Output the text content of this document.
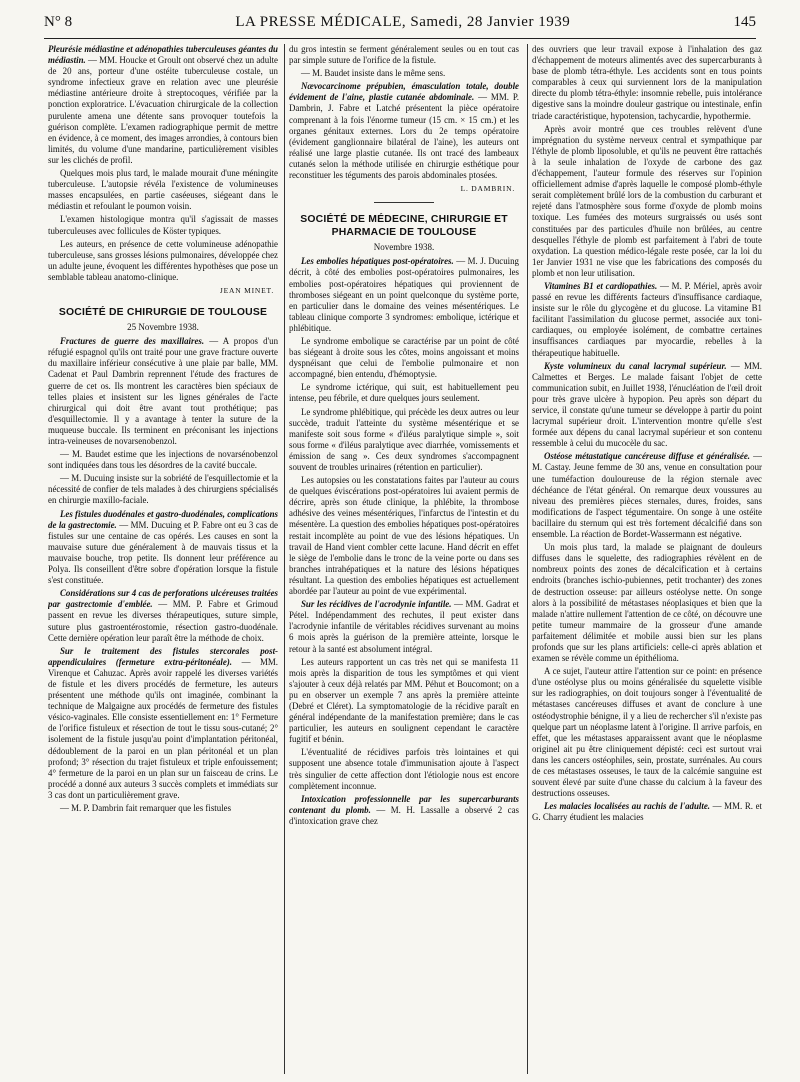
N° 8	LA PRESSE MÉDICALE, Samedi, 28 Janvier 1939	145

Pleurésie médiastine et adénopathies tuberculeuses géantes du médiastin. — MM. Houcke et Groult ont observé chez un adulte de 20 ans, porteur d'une ostéite tuberculeuse costale, un syndrome infectieux grave en relation avec une pleurésie médiastine antérieure droite à streptocoques, vérifiée par la ponction exploratrice. L'évacuation chirurgicale de la collection purulente amena une détente sans provoquer toutefois la guérison complète. L'examen radiographique permit de mettre en évidence, à ce moment, des images arrondies, à contours bien limités, du volume d'une mandarine, particulièrement visibles sur les clichés de profil.

Quelques mois plus tard, le malade mourait d'une méningite tuberculeuse. L'autopsie révéla l'existence de volumineuses masses encapsulées, en partie caséeuses, siégeant dans le médiastin et refoulant le poumon voisin.

L'examen histologique montra qu'il s'agissait de masses tuberculeuses avec follicules de Köster typiques.

Les auteurs, en présence de cette volumineuse adénopathie tuberculeuse, sans grosses lésions pulmonaires, développée chez un adulte jeune, évoquent les différentes hypothèses que pose un semblable tableau anatomo-clinique.

JEAN MINET.
SOCIÉTÉ DE CHIRURGIE DE TOULOUSE
25 Novembre 1938.

Fractures de guerre des maxillaires. — A propos d'un réfugié espagnol qu'ils ont traité pour une grave fracture ouverte du maxillaire inférieur consécutive à une plaie par balle, MM. Cadenat et Paul Dambrin reprennent l'étude des fractures de guerre de cet os. Ils montrent les caractères bien spéciaux de telles plaies et insistent sur les lignes générales de l'acte chirurgical qui doit être avant tout prothétique; pas d'esquillectomie. Il y a avantage à tenter la suture de la muqueuse buccale. Ils terminent en préconisant les injections intra-veineuses de novarsenobenzol.

— M. Baudet estime que les injections de novarsénobenzol sont indiquées dans tous les désordres de la cavité buccale.

— M. Ducuing insiste sur la sobriété de l'esquillectomie et la nécessité de confier de tels malades à des chirurgiens spécialisés en chirurgie maxillo-faciale.

Les fistules duodénales et gastro-duodénales, complications de la gastrectomie. — MM. Ducuing et P. Fabre ont eu 3 cas de fistules sur une centaine de cas opérés. Les causes en sont la mauvaise suture due généralement à de mauvais tissus et la mauvaise bouche, trop petite. Ils donnent leur préférence au Polya. Ils conseillent d'être sobre d'opération lorsque la fistule s'est constituée.

Considérations sur 4 cas de perforations ulcéreuses traitées par gastrectomie d'emblée. — MM. P. Fabre et Grimoud passent en revue les diverses thérapeutiques, suture simple, suture plus gastroentérostomie, résection gastro-duodénale. Cette dernière opération leur paraît être la méthode de choix.

Sur le traitement des fistules stercorales post-appendiculaires (fermeture extra-péritonéale). — MM. Virenque et Cahuzac. Après avoir rappelé les diverses variétés de fistule et les divers procédés de fermeture, les auteurs présentent une méthode qu'ils ont imaginée, combinant la technique de Malgaigne aux procédés de fermeture des fistules vésico-vaginales. Elle consiste essentiellement en: 1° Fermeture de l'orifice fistuleux et résection de tout le tissu sous-cutané; 2° isolement de la fistule jusqu'au point d'implantation péritonéal, dédoublement de la paroi en un plan péritonéal et un plan profond; 3° résection du trajet fistuleux et triple enfouissement; 4° fermeture de la paroi en un plan sur un faisceau de crins. Le procédé a donné aux auteurs 3 succès complets et immédiats sur 3 cas dont un particulièrement grave.

— M. P. Dambrin fait remarquer que les fistules

du gros intestin se ferment généralement seules ou en tout cas par simple suture de l'orifice de la fistule.

— M. Baudet insiste dans le même sens.

Nævocarcinome prépubien, émasculation totale, double évidement de l'aine, plastie cutanée abdominale. — MM. P. Dambrin, J. Fabre et Latché présentent la pièce opératoire comprenant à la fois l'énorme tumeur (15 cm. × 15 cm.) et les organes génitaux externes. Lors du 2e temps opératoire (évidement ganglionnaire bilatéral de l'aine), les auteurs ont réalisé une large plastie cutanée. Ils ont tracé des lambeaux cutanés selon la méthode utilisée en chirurgie esthétique pour reconstituer les téguments des parois abdominales ptosées.

L. DAMBRIN.
SOCIÉTÉ DE MÉDECINE, CHIRURGIE ET PHARMACIE DE TOULOUSE
Novembre 1938.

Les embolies hépatiques post-opératoires. — M. J. Ducuing décrit, à côté des embolies post-opératoires pulmonaires, les embolies post-opératoires hépatiques qui proviennent de thromboses siégeant en un point quelconque du système porte, en particulier dans le domaine des veines mésentériques. Le tableau clinique comporte 3 syndromes: embolique, ictérique et phlébitique.

Le syndrome embolique se caractérise par un point de côté bas siégeant à droite sous les côtes, moins angoissant et moins dyspnéisant que celui de l'embolie pulmonaire et non accompagné, bien entendu, d'hémoptysie.

Le syndrome ictérique, qui suit, est habituellement peu intense, peu fébrile, et dure quelques jours seulement.

Le syndrome phlébitique, qui précède les deux autres ou leur succède, traduit l'atteinte du système mésentérique et se manifeste soit sous forme « d'iléus paralytique simple », soit sous forme « d'iléus paralytique avec diarrhée, vomissements et émission de sang ». Ces deux syndromes s'accompagnent souvent de troubles urinaires (rétention en particulier).

Les autopsies ou les constatations faites par l'auteur au cours de quelques éviscérations post-opératoires lui avaient permis de décrire, après son étude clinique, la phlébite, la thrombose adhésive des veines mésentériques, l'infarctus de l'intestin et du mésentère. La question des embolies hépatiques post-opératoires restait incomplète au point de vue des lésions hépatiques. Un travail de Hand vient combler cette lacune. Hand décrit en effet le siège de l'embolie dans le tronc de la veine porte ou dans ses branches intrahépatiques et la nature des lésions hépatiques résultant. La question des embolies hépatiques est actuellement abordée par l'auteur au point de vue expérimental.

Sur les récidives de l'acrodynie infantile. — MM. Gadrat et Pétel. Indépendamment des rechutes, il peut exister dans l'acrodynie infantile de véritables récidives survenant au moins 6 mois après la guérison de la première atteinte, lorsque le retour à la santé est absolument intégral.

Les auteurs rapportent un cas très net qui se manifesta 11 mois après la disparition de tous les symptômes et qui vient s'ajouter à ceux déjà relatés par MM. Péhut et Boucomont; on a pu en observer un exemple 7 ans après la première atteinte (Debré et Cléret). La symptomatologie de la récidive paraît en général indépendante de la manifestation première; dans le cas particulier, les auteurs en soulignent cependant le caractère fugitif et bénin.

L'éventualité de récidives parfois très lointaines et qui supposent une absence totale d'immunisation ajoute à l'aspect très singulier de cette affection dont l'étiologie nous est encore complètement inconnue.

Intoxication professionnelle par les supercarburants contenant du plomb. — M. H. Lassalle a observé 2 cas d'intoxication grave chez

des ouvriers que leur travail expose à l'inhalation des gaz d'échappement de moteurs alimentés avec des supercarburants à base de plomb tétra-éthyle. Les accidents sont en tous points comparables à ceux qui surviennent lors de la manipulation directe du plomb tétra-éthyle: insomnie rebelle, puis intolérance digestive sans la moindre douleur gastrique ou intestinale, enfin triade caractéristique, hypotension, tachycardie, hypothermie.

Après avoir montré que ces troubles relèvent d'une imprégnation du système nerveux central et sympathique par l'éthyle de plomb liposoluble, et qu'ils ne peuvent être rattachés à la seule inhalation de l'oxyde de carbone des gaz d'échappement, l'auteur formule des réserves sur l'opinion officiellement admise d'après laquelle le composé plomb-éthyle serait complètement brûlé lors de la combustion du carburant et rejeté dans l'atmosphère sous forme d'oxyde de plomb moins toxique. Les fumées des moteurs surgraissés ou usés sont constituées par des particules d'huile non brûlées, au centre desquelles l'éthyle de plomb est parfaitement à l'abri de toute oxydation. La question médico-légale reste posée, car la loi du 1er Janvier 1931 ne vise que les fabrications des composés du plomb et non leur utilisation.

Vitamines B1 et cardiopathies. — M. P. Mériel, après avoir passé en revue les différents facteurs d'insuffisance cardiaque, insiste sur le rôle du glycogène et du glucose. La vitamine B1 facilitant l'assimilation du glucose permet, associée aux toni-cardiaques, ou employée isolément, de combattre certaines insuffisances cardiaques par myocardie, rebelles à la thérapeutique habituelle.

Kyste volumineux du canal lacrymal supérieur. — MM. Calmettes et Berges. Le malade faisant l'objet de cette communication subit, en Juillet 1938, l'énucléation de l'œil droit pour très grave ulcère à hypopion. Peu après son départ du service, il constate qu'une tumeur se développe à partir du point lacrymal supérieur droit. L'intervention montre qu'elle s'est formée aux dépens du canal lacrymal supérieur et son contenu ressemble à celui du mucocèle du sac.

Ostéose métastatique cancéreuse diffuse et généralisée. — M. Castay. Jeune femme de 30 ans, venue en consultation pour une tuméfaction douloureuse de la région sternale avec déchéance de l'état général. On remarque deux voussures au niveau des premières pièces sternales, dures, froides, sans modifications de l'aspect tégumentaire. On songe à une ostéite bacillaire du sternum qui est très fortement décalcifié dans son ensemble. La réaction de Bordet-Wassermann est négative.

Un mois plus tard, la malade se plaignant de douleurs diffuses dans le squelette, des radiographies révèlent en de nombreux points des zones de décalcification et à certains endroits (branches ischio-pubiennes, petit trochanter) des zones de destruction osseuse: par ailleurs ostéolyse nette. On songe alors à la possibilité de métastases néoplasiques et bien que la malade n'attire nullement l'attention de ce côté, on découvre une petite tumeur mammaire de la grosseur d'une amande parfaitement délimitée et mobile aussi bien sur les plans profonds que sur les plans artificiels: celle-ci après ablation et examen se révèle comme un épithélioma.

A ce sujet, l'auteur attire l'attention sur ce point: en présence d'une ostéolyse plus ou moins généralisée du squelette visible sur les radiographies, on doit toujours songer à l'éventualité de métastases cancéreuses diffuses et avant de conclure à une ostéodystrophie bénigne, il y a lieu de rechercher s'il n'existe pas quelque part un néoplasme latent à l'origine. Il arrive parfois, en effet, que les métastases apparaissent avant que le néoplasme originel ait pu être cliniquement dépisté: ceci est surtout vrai dans les cancers ostéophiles, sein, prostate, surrénales. Au cours de ces métastases osseuses, le taux de la calcémie sanguine est souvent élevé par suite d'une chasse du calcium à la faveur des destructions osseuses.

Les malacies localisées au rachis de l'adulte. — MM. R. et G. Charry étudient les malacies
